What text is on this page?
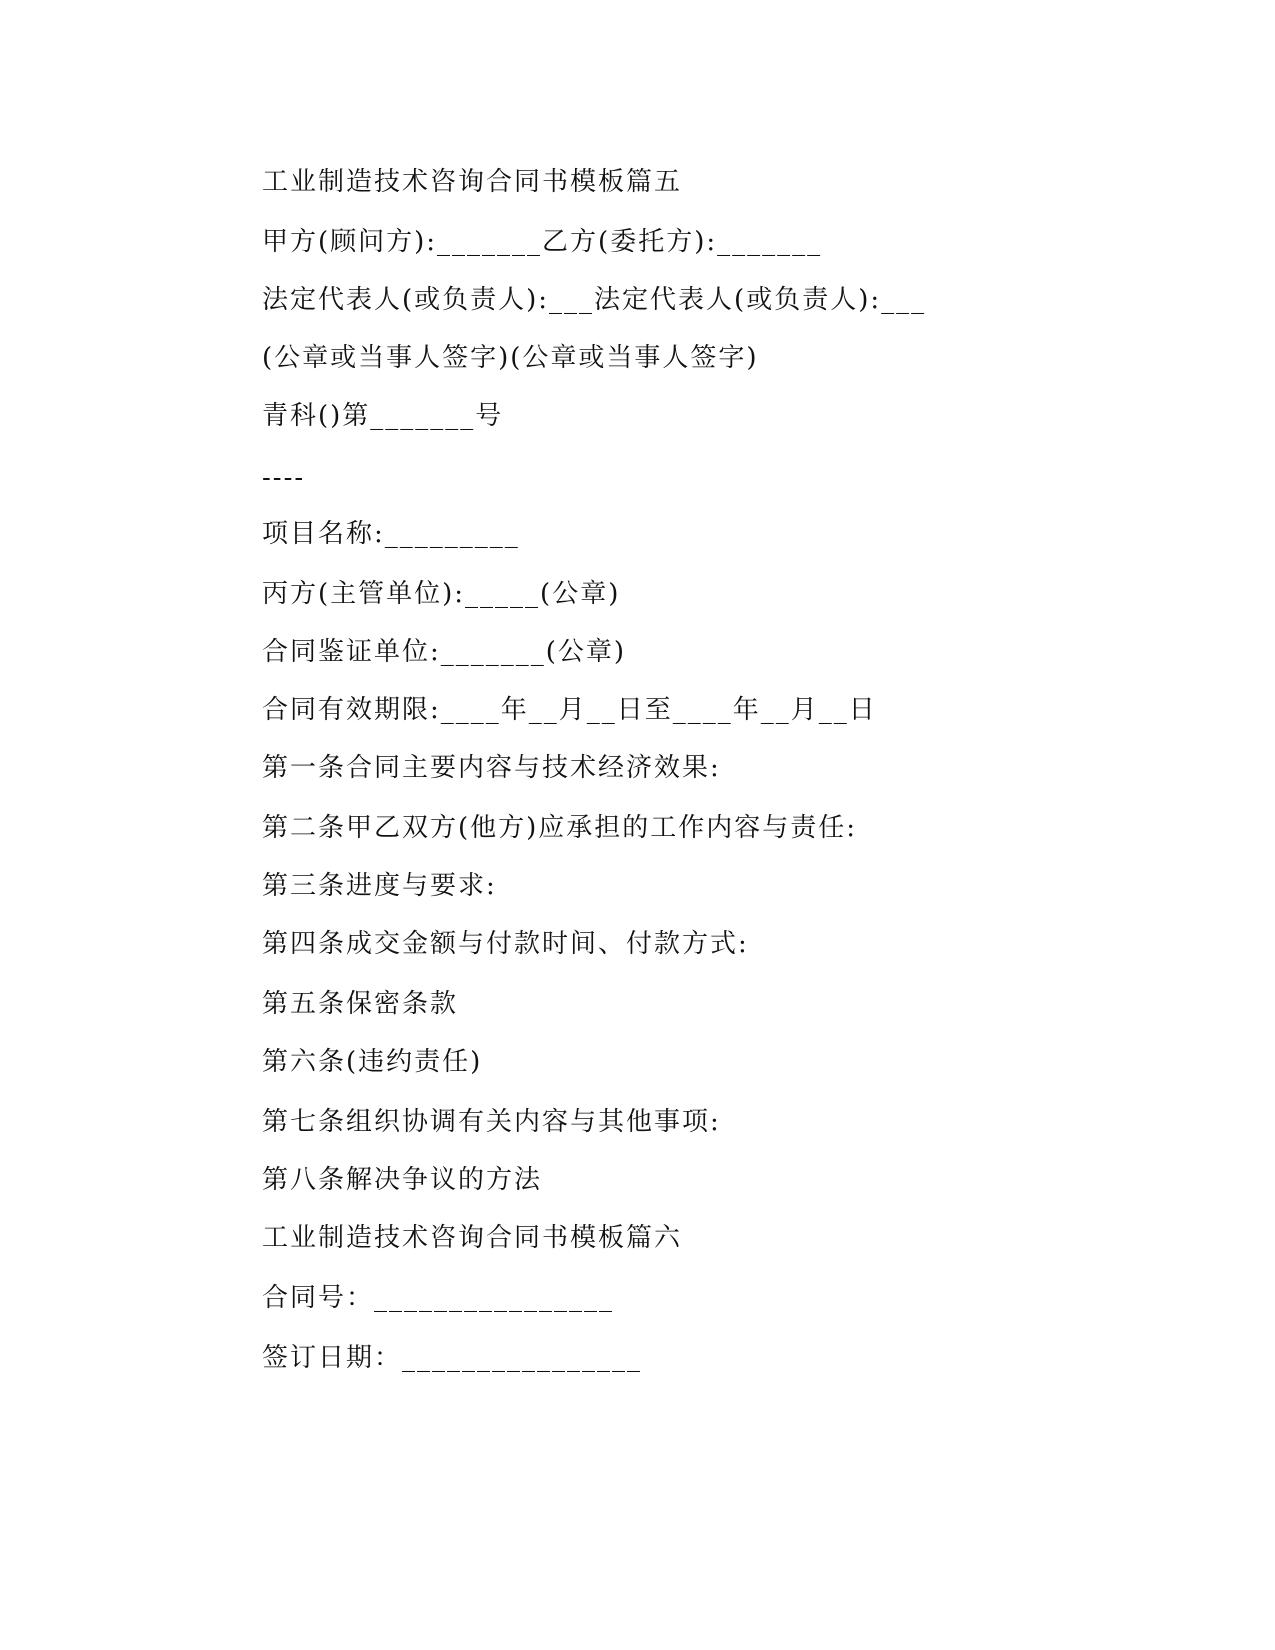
工业制造技术咨询合同书模板篇五
甲方(顾问方):_______乙方(委托方):_______
法定代表人(或负责人):___法定代表人(或负责人):___
(公章或当事人签字)(公章或当事人签字)
青科()第_______号
----
项目名称:_________
丙方(主管单位):_____(公章)
合同鉴证单位:_______(公章)
合同有效期限:____年__月__日至____年__月__日
第一条合同主要内容与技术经济效果:
第二条甲乙双方(他方)应承担的工作内容与责任:
第三条进度与要求:
第四条成交金额与付款时间、付款方式:
第五条保密条款
第六条(违约责任)
第七条组织协调有关内容与其他事项:
第八条解决争议的方法
工业制造技术咨询合同书模板篇六
合同号：________________
签订日期：________________
